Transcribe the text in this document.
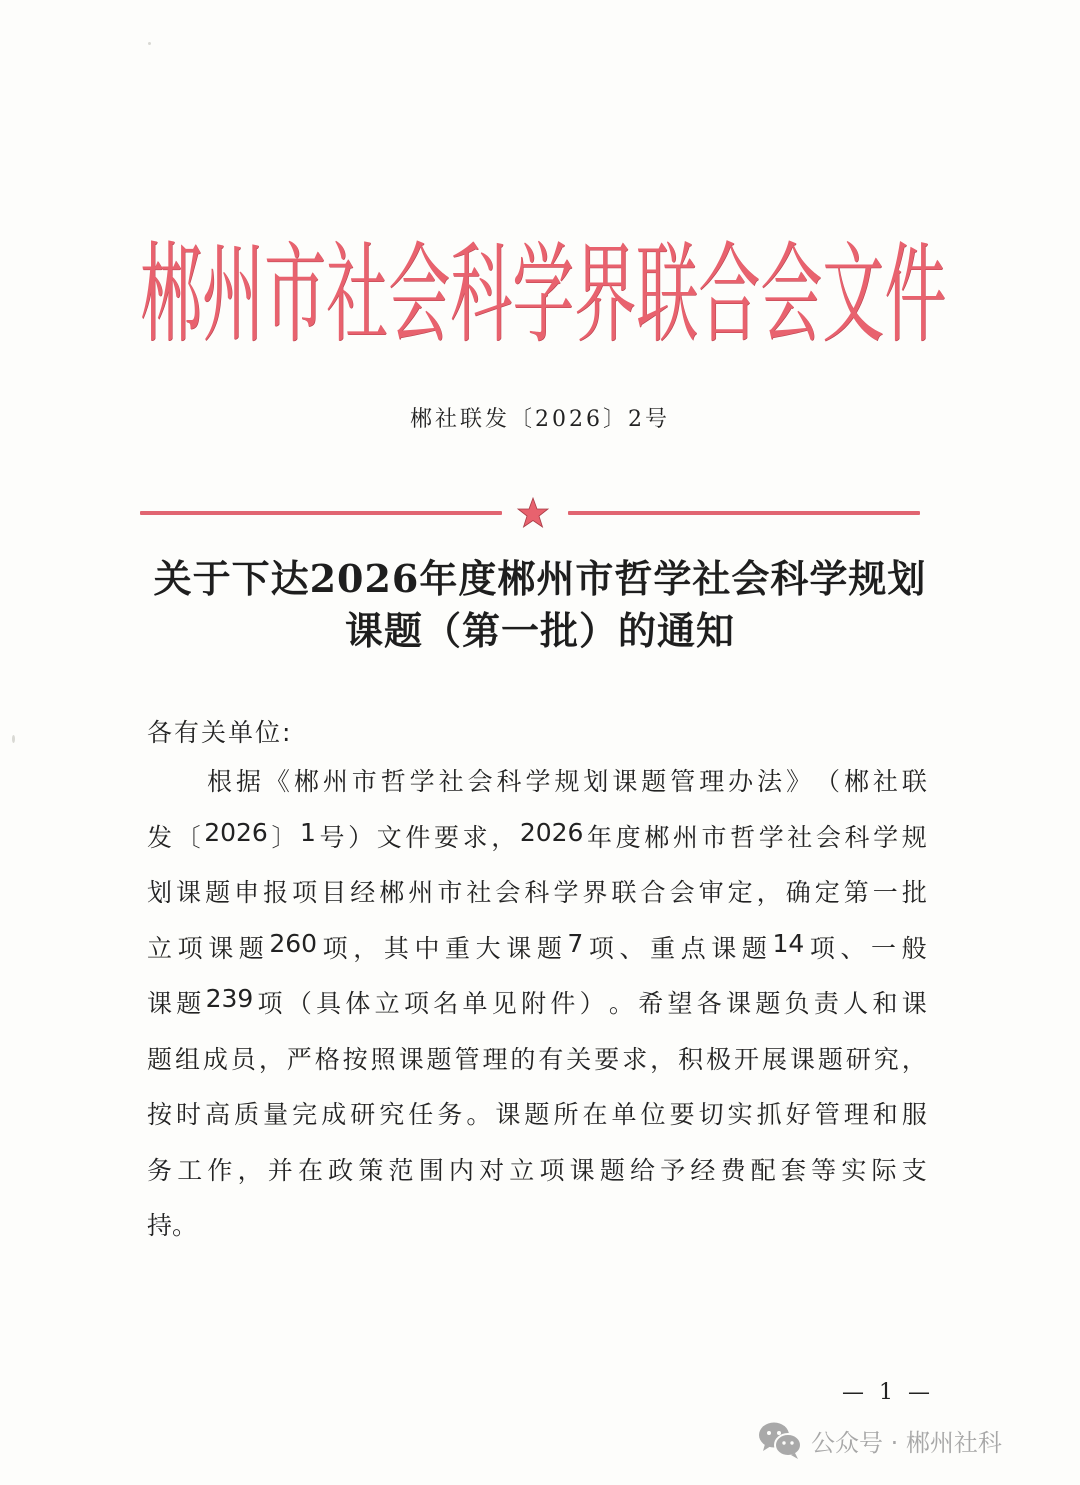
郴 州 市 社 会 科 学 界 联 合 会 文 件
郴社联发〔2026〕2号
关于下达2026年度郴州市哲学社会科学规划
课题（第一批）的通知
各有关单位:
根 据 《 郴 州 市 哲 学 社 会 科 学 规 划 课 题 管 理 办 法 》 （ 郴 社 联
发 〔 2026 〕 1 号 ） 文 件 要 求 ， 2026 年 度 郴 州 市 哲 学 社 会 科 学 规
划 课 题 申 报 项 目 经 郴 州 市 社 会 科 学 界 联 合 会 审 定 ， 确 定 第 一 批
立 项 课 题 260 项 ， 其 中 重 大 课 题 7 项 、 重 点 课 题 14 项 、 一 般
课 题 239 项 （ 具 体 立 项 名 单 见 附 件 ） 。 希 望 各 课 题 负 责 人 和 课
题 组 成 员 ， 严 格 按 照 课 题 管 理 的 有 关 要 求 ， 积 极 开 展 课 题 研 究 ，
按 时 高 质 量 完 成 研 究 任 务 。 课 题 所 在 单 位 要 切 实 抓 好 管 理 和 服
务 工 作 ， 并 在 政 策 范 围 内 对 立 项 课 题 给 予 经 费 配 套 等 实 际 支
持。
— 1 —
公众号 · 郴州社科
